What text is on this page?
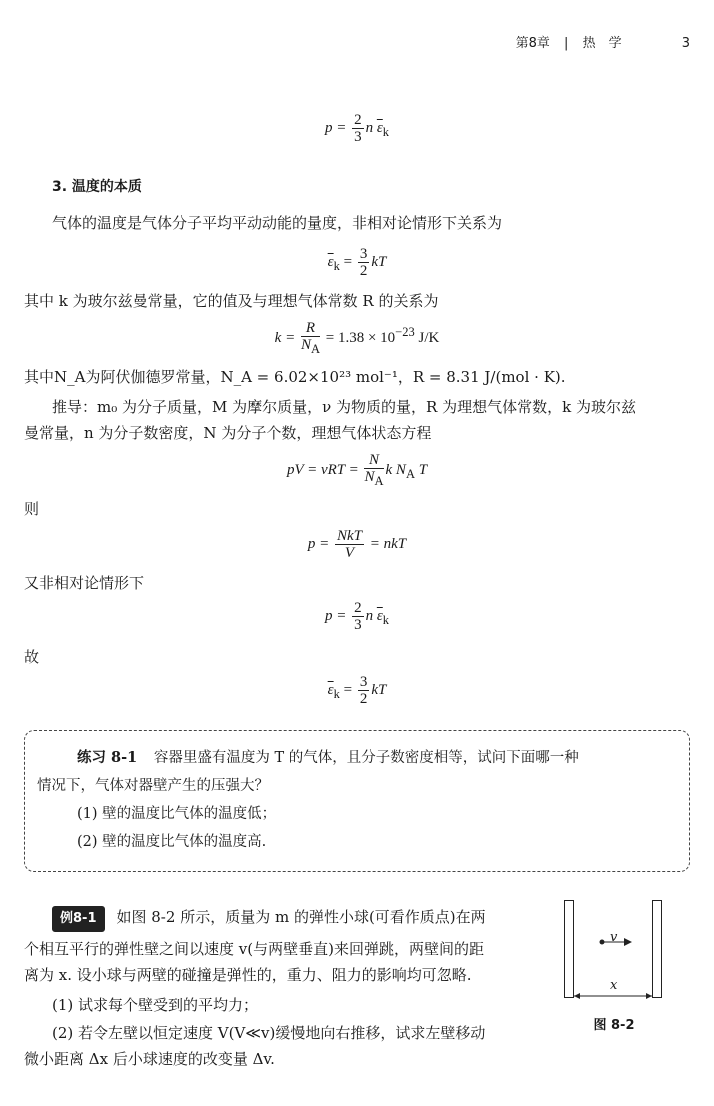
第8章 | 热　学	3
$p = \frac{2}{3}$ n $\overline{\varepsilon}_k$
3. 温度的本质
气体的温度是气体分子平均平动动能的量度，非相对论情形下关系为
$\overline{\varepsilon}_k = \frac{3}{2}$ kT
其中 k 为玻尔兹曼常量，它的值及与理想气体常数 R 的关系为
$k = \frac{R}{N_A} = 1.38 \times 10^{-23}$ J/K
其中N_A为阿伏伽德罗常量，N_A = 6.02×10²³ mol⁻¹，R = 8.31 J/(mol · K).
推导：m₀ 为分子质量，M 为摩尔质量，ν 为物质的量，R 为理想气体常数，k 为玻尔兹
曼常量，n 为分子数密度，N 为分子个数，理想气体状态方程
pV = $\nu RT = \frac{N}{N_A}$ k $N_A$ T
则
$p = \frac{\text{NkT}}{V}$ = nkT
又非相对论情形下
$p = \frac{2}{3}$ n $\overline{\varepsilon}_k$
故
$\overline{\varepsilon}_k = \frac{3}{2}$ kT
练习 8-1 容器里盛有温度为 T 的气体，且分子数密度相等，试问下面哪一种
情况下，气体对器壁产生的压强大？
(1) 壁的温度比气体的温度低；
(2) 壁的温度比气体的温度高.
例8-1 如图 8-2 所示，质量为 m 的弹性小球(可看作质点)在两
个相互平行的弹性壁之间以速度 v(与两壁垂直)来回弹跳，两壁间的距
离为 x. 设小球与两壁的碰撞是弹性的，重力、阻力的影响均可忽略.
(1) 试求每个壁受到的平均力；
(2) 若令左壁以恒定速度 V(V≪v)缓慢地向右推移，试求左壁移动
微小距离 Δx 后小球速度的改变量 Δv.
v
x
图 8-2
